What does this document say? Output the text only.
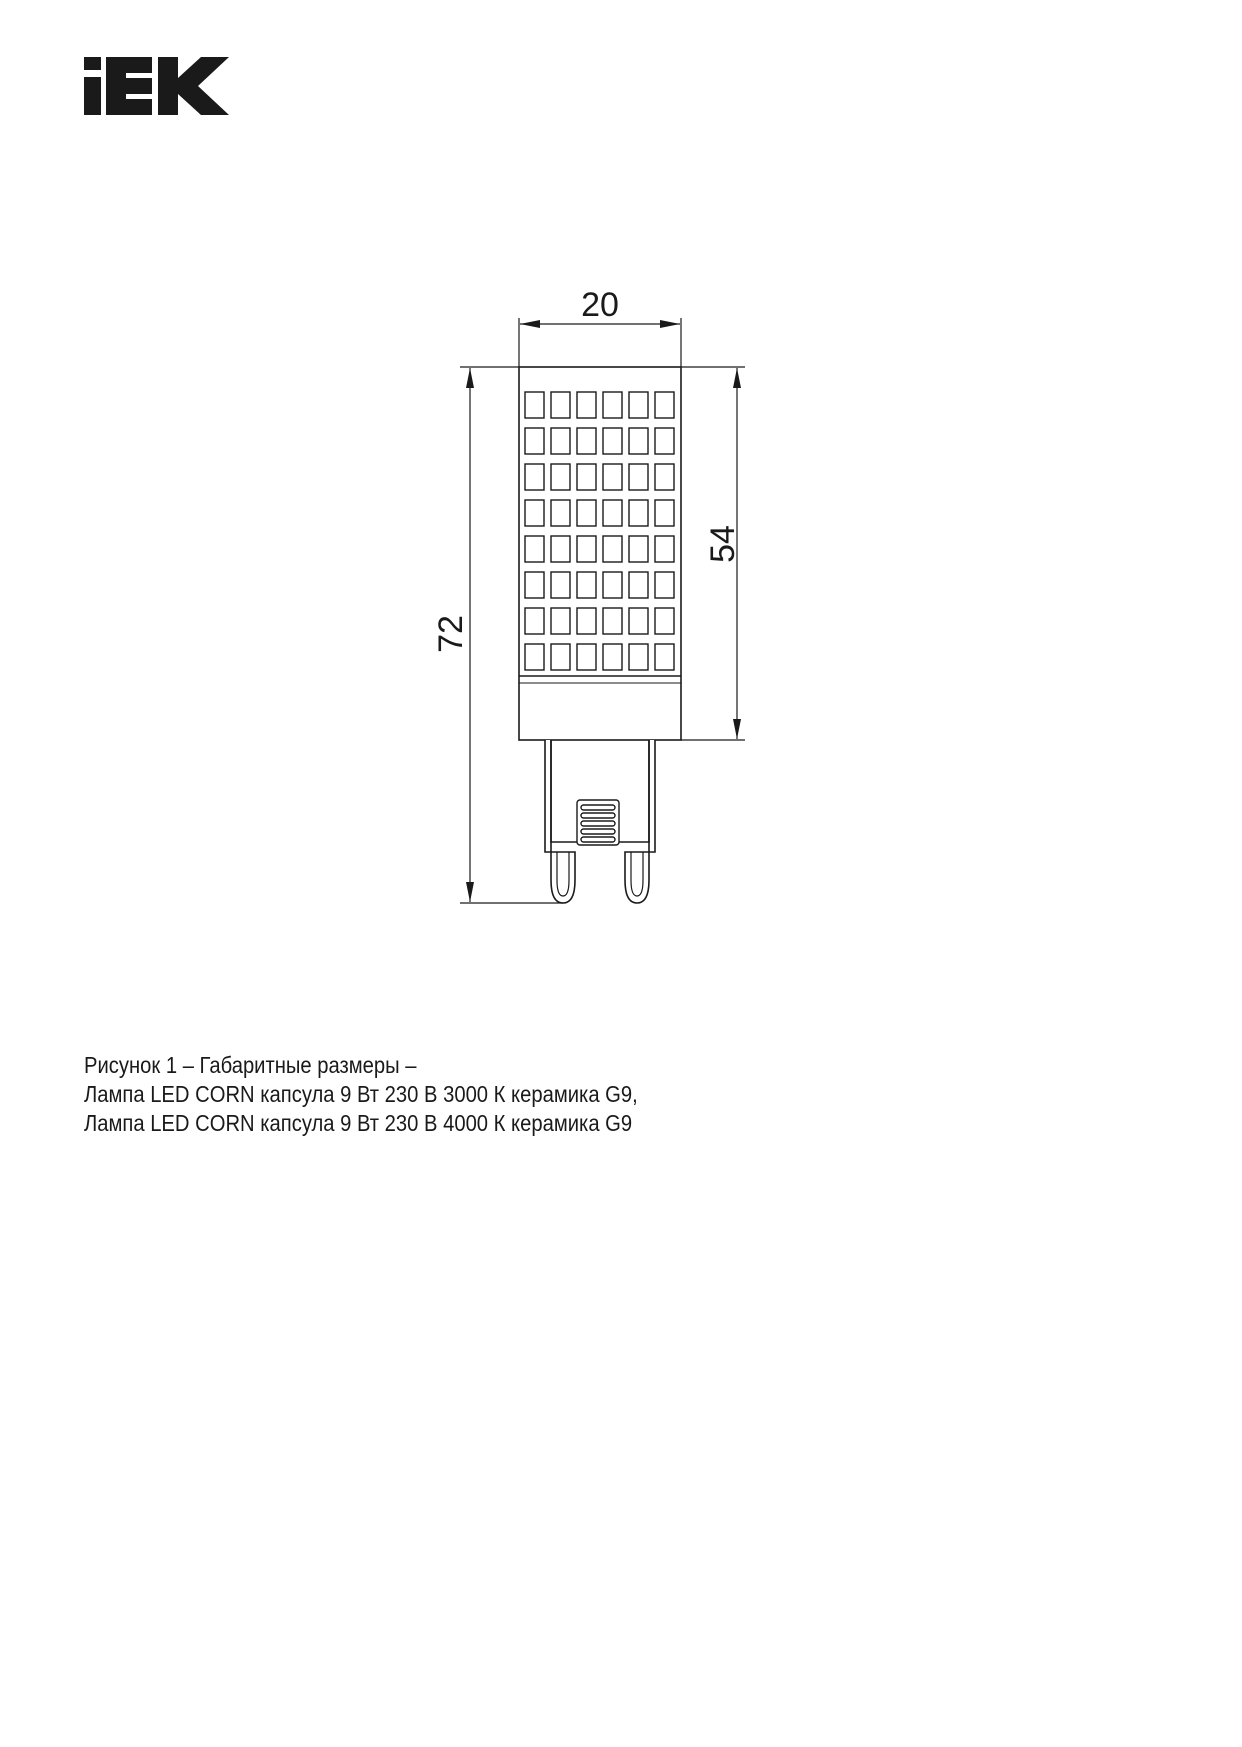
20
54
72
Рисунок 1 – Габаритные размеры –
Лампа LED CORN капсула 9 Вт 230 В 3000 К керамика G9,
Лампа LED CORN капсула 9 Вт 230 В 4000 К керамика G9
